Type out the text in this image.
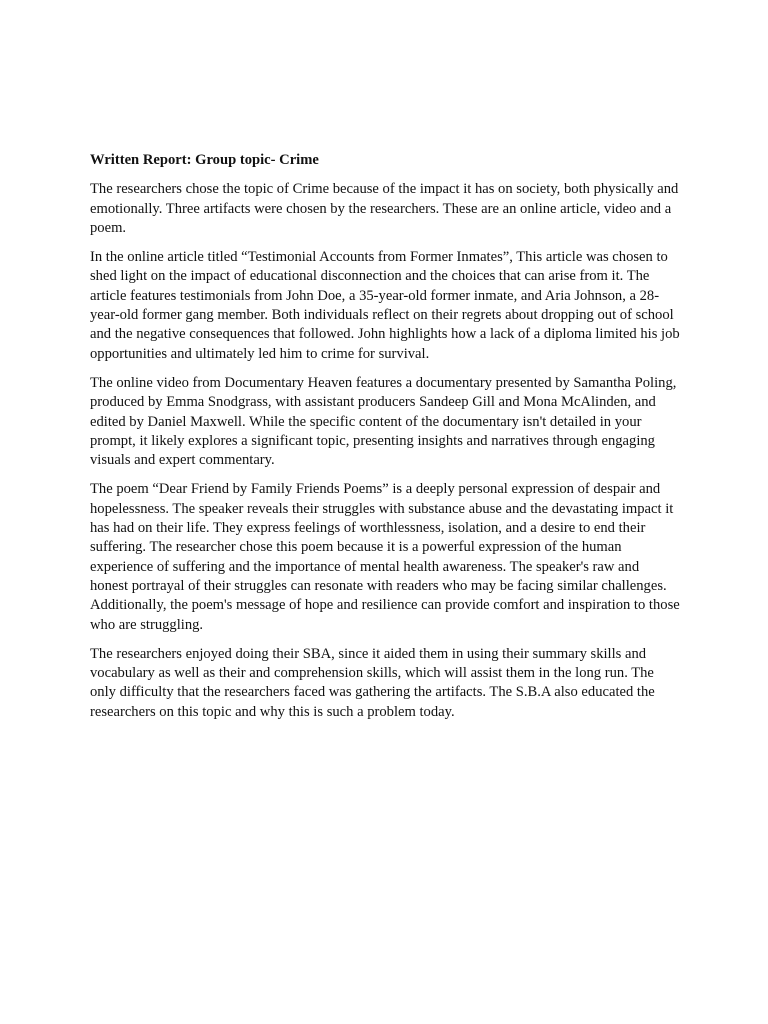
Written Report: Group topic- Crime

The researchers chose the topic of Crime because of the impact it has on society, both physically and emotionally. Three artifacts were chosen by the researchers. These are an online article, video and a poem.

In the online article titled “Testimonial Accounts from Former Inmates”, This article was chosen to shed light on the impact of educational disconnection and the choices that can arise from it. The article features testimonials from John Doe, a 35-year-old former inmate, and Aria Johnson, a 28-year-old former gang member. Both individuals reflect on their regrets about dropping out of school and the negative consequences that followed. John highlights how a lack of a diploma limited his job opportunities and ultimately led him to crime for survival.

The online video from Documentary Heaven features a documentary presented by Samantha Poling, produced by Emma Snodgrass, with assistant producers Sandeep Gill and Mona McAlinden, and edited by Daniel Maxwell. While the specific content of the documentary isn't detailed in your prompt, it likely explores a significant topic, presenting insights and narratives through engaging visuals and expert commentary.

The poem “Dear Friend by Family Friends Poems” is a deeply personal expression of despair and hopelessness. The speaker reveals their struggles with substance abuse and the devastating impact it has had on their life. They express feelings of worthlessness, isolation, and a desire to end their suffering. The researcher chose this poem because it is a powerful expression of the human experience of suffering and the importance of mental health awareness. The speaker's raw and honest portrayal of their struggles can resonate with readers who may be facing similar challenges. Additionally, the poem's message of hope and resilience can provide comfort and inspiration to those who are struggling.

The researchers enjoyed doing their SBA, since it aided them in using their summary skills and vocabulary as well as their and comprehension skills, which will assist them in the long run. The only difficulty that the researchers faced was gathering the artifacts. The S.B.A also educated the researchers on this topic and why this is such a problem today.
